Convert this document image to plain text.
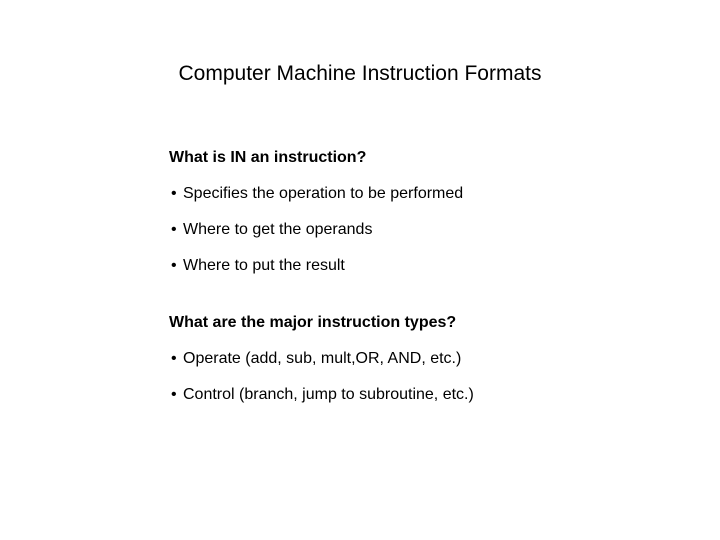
Computer Machine Instruction Formats
What is IN an instruction?
• Specifies the operation to be performed
• Where to get the operands
• Where to put the result
What are the major instruction types?
• Operate (add, sub, mult,OR, AND, etc.)
• Control (branch, jump to subroutine, etc.)
